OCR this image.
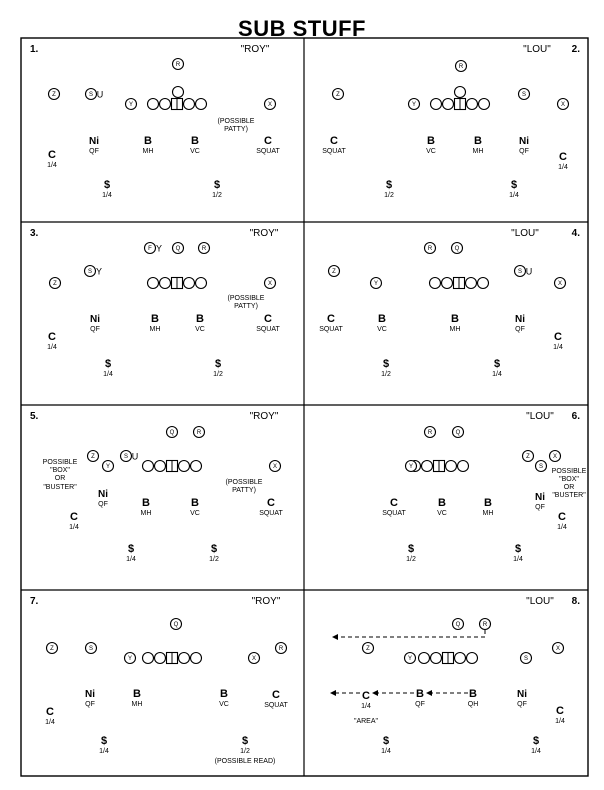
SUB STUFF
1.	"ROY"
R
Z	S U
Y	X
C
1/4
Ni
QF
B
MH
B
VC
C
SQUAT
$
1/4
$
1/2
(POSSIBLE
PATTY)
2.
"LOU"
R
Z
Y
S
X
C
SQUAT
B
VC
B
MH
Ni
QF	C
1/4
$
1/2
$
1/4
3.	"ROY"
F Y Q	R
S Y
Z	X
C
1/4
Ni
QF
B
MH
B
VC
C
SQUAT
$
1/4
$
1/2
(POSSIBLE
PATTY)
4.
"LOU"
R	Q
Z
Y
S U
X
C
SQUAT
B
VC
B
MH
Ni
QF
C
1/4
$
1/2
$
1/4
5.	"ROY"
Q	R
Z
Y
S U
X
C
1/4
Ni
QF	B
MH
B
VC
C
SQUAT
$
1/4
$
1/2
(POSSIBLE
PATTY)
POSSIBLE
"BOX"
OR
"BUSTER"
6.
"LOU"
R	Q
Y
Z	X
S
C
SQUAT
B
VC
B
MH
Ni
QF
C
1/4
$
1/2
$
1/4
POSSIBLE
"BOX"
OR
"BUSTER"
7.	"ROY"
Q
Z	S
Y	X
R
C
1/4
Ni
QF
B
MH
B
VC
C
SQUAT
$
1/4
$
1/2
(POSSIBLE READ)
8.
"LOU"
Q	R
Z
Y	S
X
C
1/4
B
QF
B
QH
Ni
QF
C
1/4
$
1/4
$
1/4
"AREA"
